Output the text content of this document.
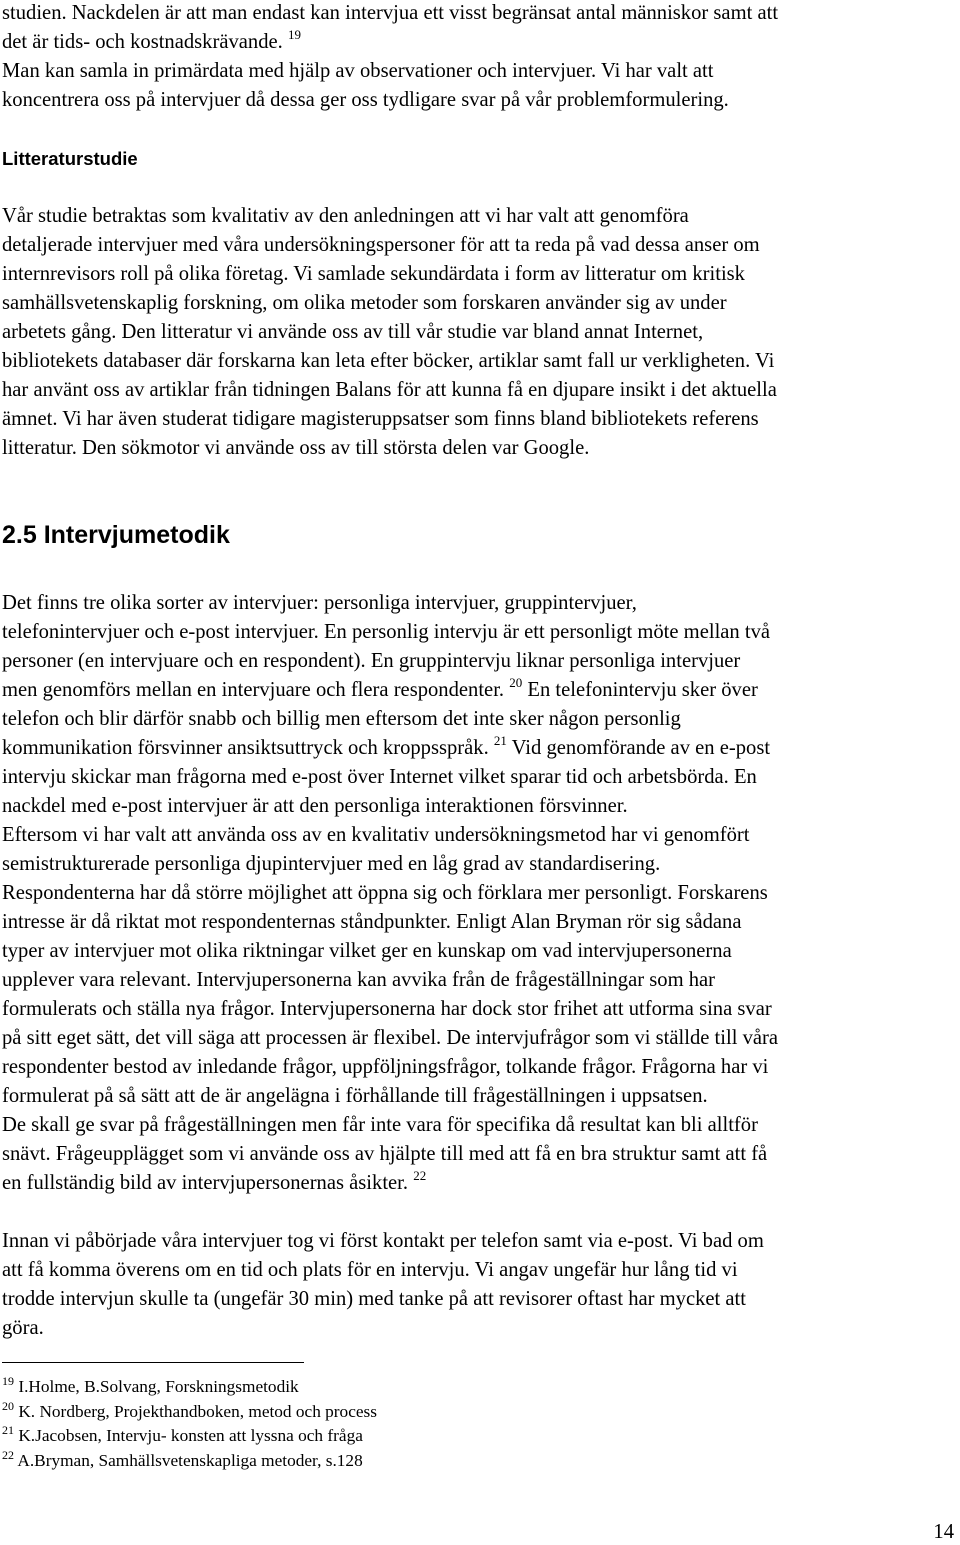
studien. Nackdelen är att man endast kan intervjua ett visst begränsat antal människor samt att
det är tids- och kostnadskrävande. $^{19}$
Man kan samla in primärdata med hjälp av observationer och intervjuer. Vi har valt att
koncentrera oss på intervjuer då dessa ger oss tydligare svar på vår problemformulering.
Litteraturstudie
Vår studie betraktas som kvalitativ av den anledningen att vi har valt att genomföra
detaljerade intervjuer med våra undersökningspersoner för att ta reda på vad dessa anser om
internrevisors roll på olika företag. Vi samlade sekundärdata i form av litteratur om kritisk
samhällsvetenskaplig forskning, om olika metoder som forskaren använder sig av under
arbetets gång. Den litteratur vi använde oss av till vår studie var bland annat Internet,
bibliotekets databaser där forskarna kan leta efter böcker, artiklar samt fall ur verkligheten. Vi
har använt oss av artiklar från tidningen Balans för att kunna få en djupare insikt i det aktuella
ämnet. Vi har även studerat tidigare magisteruppsatser som finns bland bibliotekets referens
litteratur. Den sökmotor vi använde oss av till största delen var Google.
2.5 Intervjumetodik
Det finns tre olika sorter av intervjuer: personliga intervjuer, gruppintervjuer,
telefonintervjuer och e-post intervjuer. En personlig intervju är ett personligt möte mellan två
personer (en intervjuare och en respondent). En gruppintervju liknar personliga intervjuer
men genomförs mellan en intervjuare och flera respondenter. $^{20}$ En telefonintervju sker över
telefon och blir därför snabb och billig men eftersom det inte sker någon personlig
kommunikation försvinner ansiktsuttryck och kroppsspråk. $^{21}$ Vid genomförande av en e-post
intervju skickar man frågorna med e-post över Internet vilket sparar tid och arbetsbörda. En
nackdel med e-post intervjuer är att den personliga interaktionen försvinner.
Eftersom vi har valt att använda oss av en kvalitativ undersökningsmetod har vi genomfört
semistrukturerade personliga djupintervjuer med en låg grad av standardisering.
Respondenterna har då större möjlighet att öppna sig och förklara mer personligt. Forskarens
intresse är då riktat mot respondenternas ståndpunkter. Enligt Alan Bryman rör sig sådana
typer av intervjuer mot olika riktningar vilket ger en kunskap om vad intervjupersonerna
upplever vara relevant. Intervjupersonerna kan avvika från de frågeställningar som har
formulerats och ställa nya frågor. Intervjupersonerna har dock stor frihet att utforma sina svar
på sitt eget sätt, det vill säga att processen är flexibel. De intervjufrågor som vi ställde till våra
respondenter bestod av inledande frågor, uppföljningsfrågor, tolkande frågor. Frågorna har vi
formulerat på så sätt att de är angelägna i förhållande till frågeställningen i uppsatsen.
De skall ge svar på frågeställningen men får inte vara för specifika då resultat kan bli alltför
snävt. Frågeupplägget som vi använde oss av hjälpte till med att få en bra struktur samt att få
en fullständig bild av intervjupersonernas åsikter. $^{22}$
Innan vi påbörjade våra intervjuer tog vi först kontakt per telefon samt via e-post. Vi bad om
att få komma överens om en tid och plats för en intervju. Vi angav ungefär hur lång tid vi
trodde intervjun skulle ta (ungefär 30 min) med tanke på att revisorer oftast har mycket att
göra.
$^{19}$ I.Holme, B.Solvang, Forskningsmetodik
$^{20}$ K. Nordberg, Projekthandboken, metod och process
$^{21}$ K.Jacobsen, Intervju- konsten att lyssna och fråga
$^{22}$ A.Bryman, Samhällsvetenskapliga metoder, s.128
14
